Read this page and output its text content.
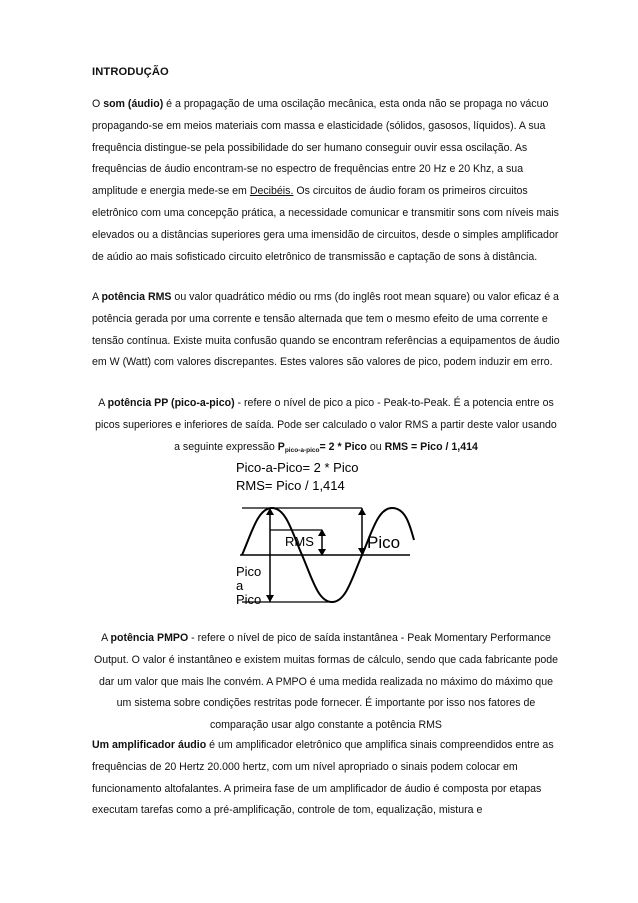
INTRODUÇÃO

O som (áudio) é a propagação de uma oscilação mecânica, esta onda não se propaga no vácuo propagando-se em meios materiais com massa e elasticidade (sólidos, gasosos, líquidos). A sua frequência distingue-se pela possibilidade do ser humano conseguir ouvir essa oscilação. As frequências de áudio encontram-se no espectro de frequências entre 20 Hz e 20 Khz, a sua amplitude e energia mede-se em Decibéis. Os circuitos de áudio foram os primeiros circuitos eletrônico com uma concepção prática, a necessidade comunicar e transmitir sons com níveis mais elevados ou a distâncias superiores gera uma imensidão de circuitos, desde o simples amplificador de aúdio ao mais sofisticado circuito eletrônico de transmissão e captação de sons à distância.

A potência RMS ou valor quadrático médio ou rms (do inglês root mean square) ou valor eficaz é a potência gerada por uma corrente e tensão alternada que tem o mesmo efeito de uma corrente e tensão contínua. Existe muita confusão quando se encontram referências a equipamentos de áudio em W (Watt) com valores discrepantes. Estes valores são valores de pico, podem induzir em erro.

A potência PP (pico-a-pico) - refere o nível de pico a pico - Peak-to-Peak. É a potencia entre os picos superiores e inferiores de saída. Pode ser calculado o valor RMS a partir deste valor usando a seguinte expressão $P_{pico-a-pico}= 2$ * Pico ou RMS = Pico / 1,414

Pico-a-Pico= 2 * Pico
RMS= Pico / 1,414
RMS	Pico
Pico
a
Pico

A potência PMPO - refere o nível de pico de saída instantânea - Peak Momentary Performance Output. O valor é instantâneo e existem muitas formas de cálculo, sendo que cada fabricante pode dar um valor que mais lhe convém. A PMPO é uma medida realizada no máximo do máximo que um sistema sobre condições restritas pode fornecer. É importante por isso nos fatores de comparação usar algo constante a potência RMS

Um amplificador áudio é um amplificador eletrônico que amplifica sinais compreendidos entre as frequências de 20 Hertz 20.000 hertz, com um nível apropriado o sinais podem colocar em funcionamento altofalantes. A primeira fase de um amplificador de áudio é composta por etapas executam tarefas como a pré-amplificação, controle de tom, equalização, mistura e
